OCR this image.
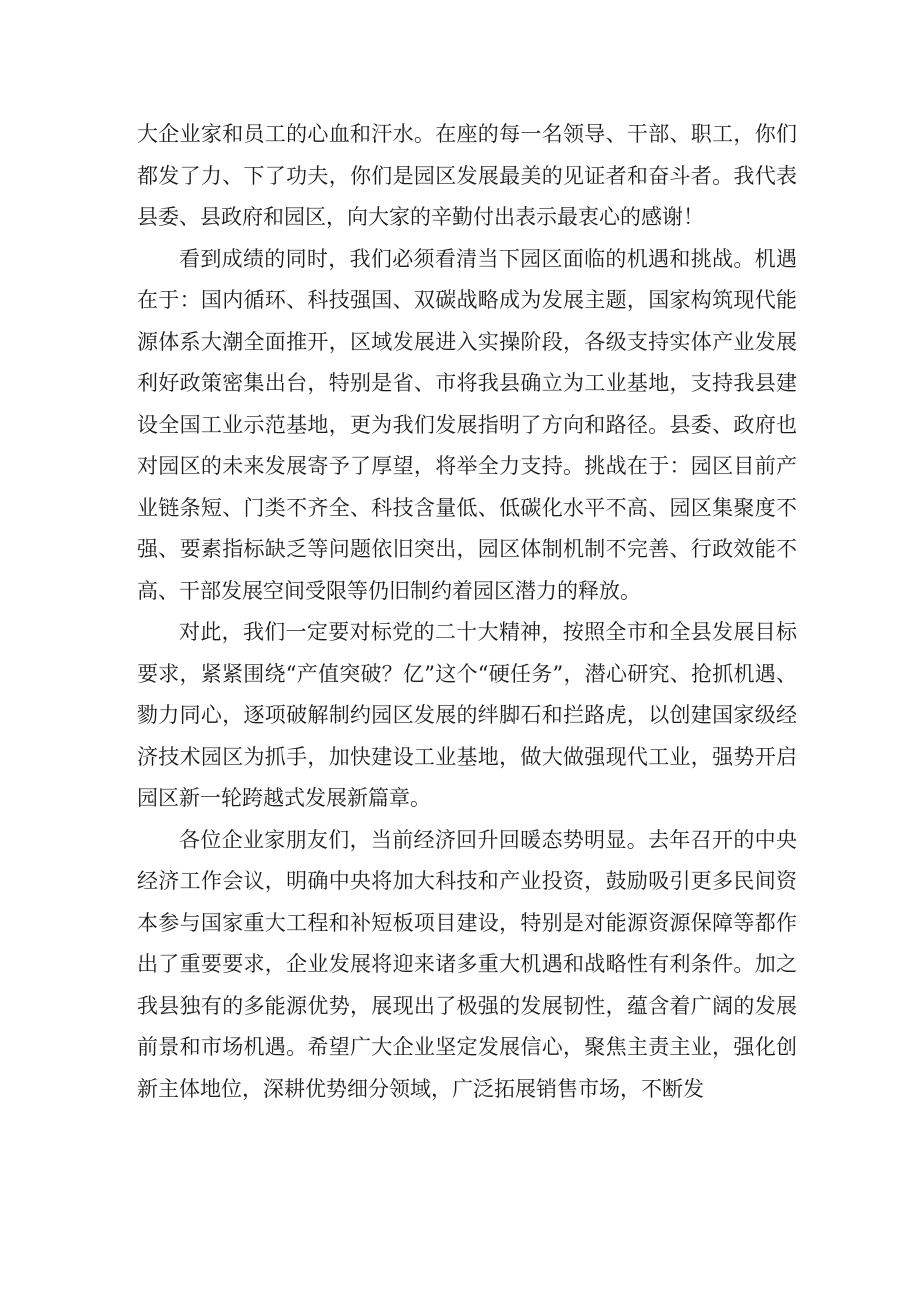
大企业家和员工的心血和汗水。在座的每一名领导、干部、职工，你们都发了力、下了功夫，你们是园区发展最美的见证者和奋斗者。我代表县委、县政府和园区，向大家的辛勤付出表示最衷心的感谢！

看到成绩的同时，我们必须看清当下园区面临的机遇和挑战。机遇在于：国内循环、科技强国、双碳战略成为发展主题，国家构筑现代能源体系大潮全面推开，区域发展进入实操阶段，各级支持实体产业发展利好政策密集出台，特别是省、市将我县确立为工业基地，支持我县建设全国工业示范基地，更为我们发展指明了方向和路径。县委、政府也对园区的未来发展寄予了厚望，将举全力支持。挑战在于：园区目前产业链条短、门类不齐全、科技含量低、低碳化水平不高、园区集聚度不强、要素指标缺乏等问题依旧突出，园区体制机制不完善、行政效能不高、干部发展空间受限等仍旧制约着园区潜力的释放。

对此，我们一定要对标党的二十大精神，按照全市和全县发展目标要求，紧紧围绕“产值突破？亿”这个“硬任务”，潜心研究、抢抓机遇、勠力同心，逐项破解制约园区发展的绊脚石和拦路虎，以创建国家级经济技术园区为抓手，加快建设工业基地，做大做强现代工业，强势开启园区新一轮跨越式发展新篇章。

各位企业家朋友们，当前经济回升回暖态势明显。去年召开的中央经济工作会议，明确中央将加大科技和产业投资，鼓励吸引更多民间资本参与国家重大工程和补短板项目建设，特别是对能源资源保障等都作出了重要要求，企业发展将迎来诸多重大机遇和战略性有利条件。加之我县独有的多能源优势，展现出了极强的发展韧性，蕴含着广阔的发展前景和市场机遇。希望广大企业坚定发展信心，聚焦主责主业，强化创新主体地位，深耕优势细分领域，广泛拓展销售市场，不断发
